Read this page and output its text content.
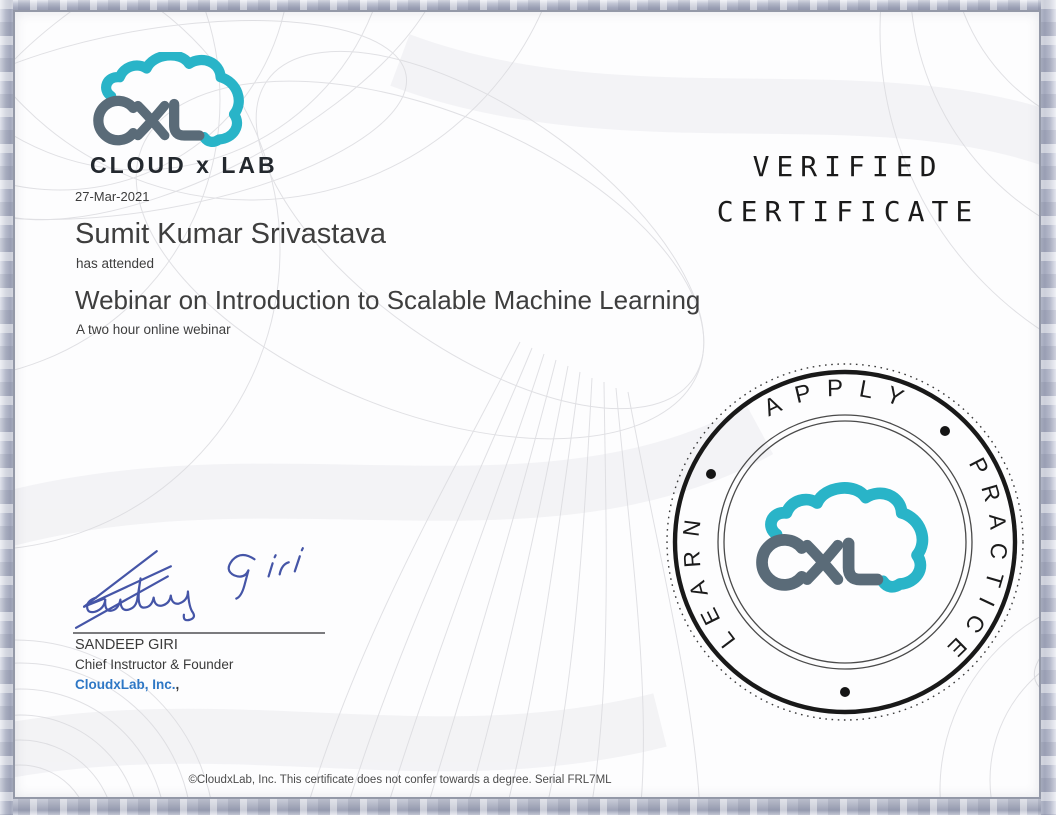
CLOUD x LAB	VERIFIED
CERTIFICATE
27-Mar-2021
Sumit Kumar Srivastava
has attended
Webinar on Introduction to Scalable Machine Learning
A two hour online webinar
SANDEEP GIRI
Chief Instructor & Founder
CloudxLab, Inc.,
LEARN
APPLY
PRACTICE
©CloudxLab, Inc. This certificate does not confer towards a degree. Serial FRL7ML
